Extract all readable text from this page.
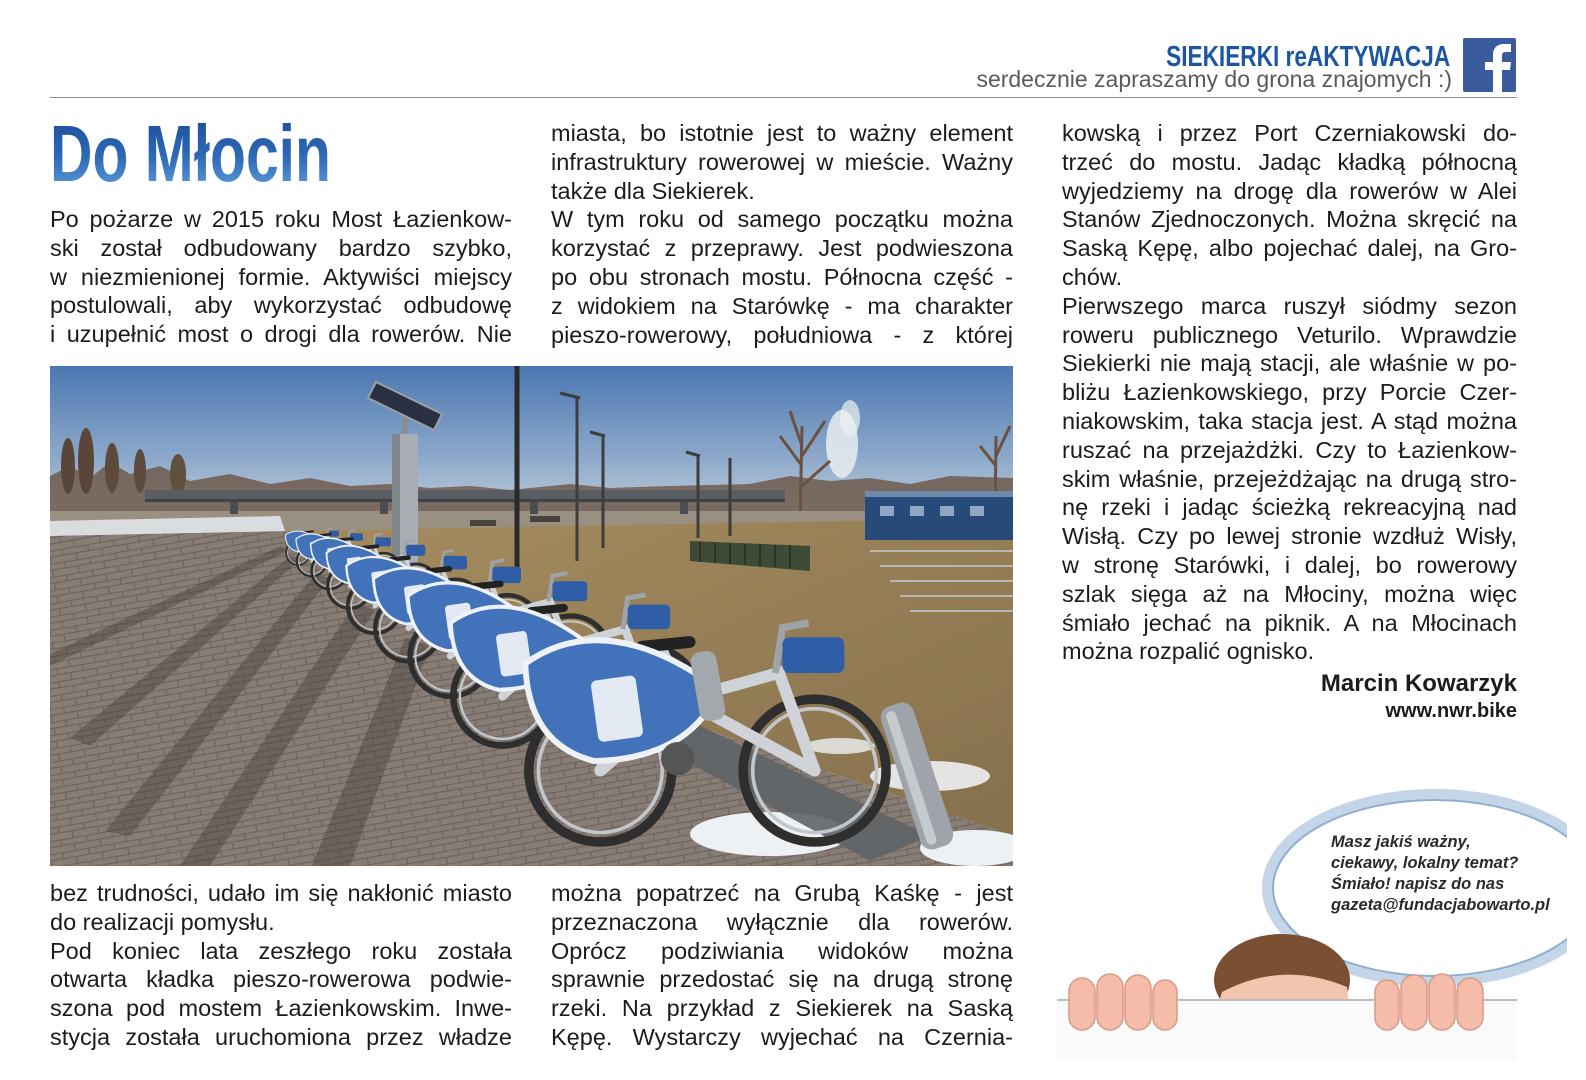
SIEKIERKI reAKTYWACJA
serdecznie zapraszamy do grona znajomych :)
Do Młocin
Po pożarze w 2015 roku Most Łazienkow-
ski został odbudowany bardzo szybko,
w niezmienionej formie. Aktywiści miejscy
postulowali, aby wykorzystać odbudowę
i uzupełnić most o drogi dla rowerów. Nie
miasta, bo istotnie jest to ważny element
infrastruktury rowerowej w mieście. Ważny
także dla Siekierek.
W tym roku od samego początku można
korzystać z przeprawy. Jest podwieszona
po obu stronach mostu. Północna część -
z widokiem na Starówkę - ma charakter
pieszo-rowerowy, południowa - z której
bez trudności, udało im się nakłonić miasto
do realizacji pomysłu.
Pod koniec lata zeszłego roku została
otwarta kładka pieszo-rowerowa podwie-
szona pod mostem Łazienkowskim. Inwe-
stycja została uruchomiona przez władze
można popatrzeć na Grubą Kaśkę - jest
przeznaczona wyłącznie dla rowerów.
Oprócz podziwiania widoków można
sprawnie przedostać się na drugą stronę
rzeki. Na przykład z Siekierek na Saską
Kępę. Wystarczy wyjechać na Czernia-
kowską i przez Port Czerniakowski do-
trzeć do mostu. Jadąc kładką północną
wyjedziemy na drogę dla rowerów w Alei
Stanów Zjednoczonych. Można skręcić na
Saską Kępę, albo pojechać dalej, na Gro-
chów.
Pierwszego marca ruszył siódmy sezon
roweru publicznego Veturilo. Wprawdzie
Siekierki nie mają stacji, ale właśnie w po-
bliżu Łazienkowskiego, przy Porcie Czer-
niakowskim, taka stacja jest. A stąd można
ruszać na przejażdżki. Czy to Łazienkow-
skim właśnie, przejeżdżając na drugą stro-
nę rzeki i jadąc ścieżką rekreacyjną nad
Wisłą. Czy po lewej stronie wzdłuż Wisły,
w stronę Starówki, i dalej, bo rowerowy
szlak sięga aż na Młociny, można więc
śmiało jechać na piknik. A na Młocinach
można rozpalić ognisko.
Marcin Kowarzyk
www.nwr.bike
Masz jakiś ważny,
ciekawy, lokalny temat?
Śmiało! napisz do nas
gazeta@fundacjabowarto.pl
